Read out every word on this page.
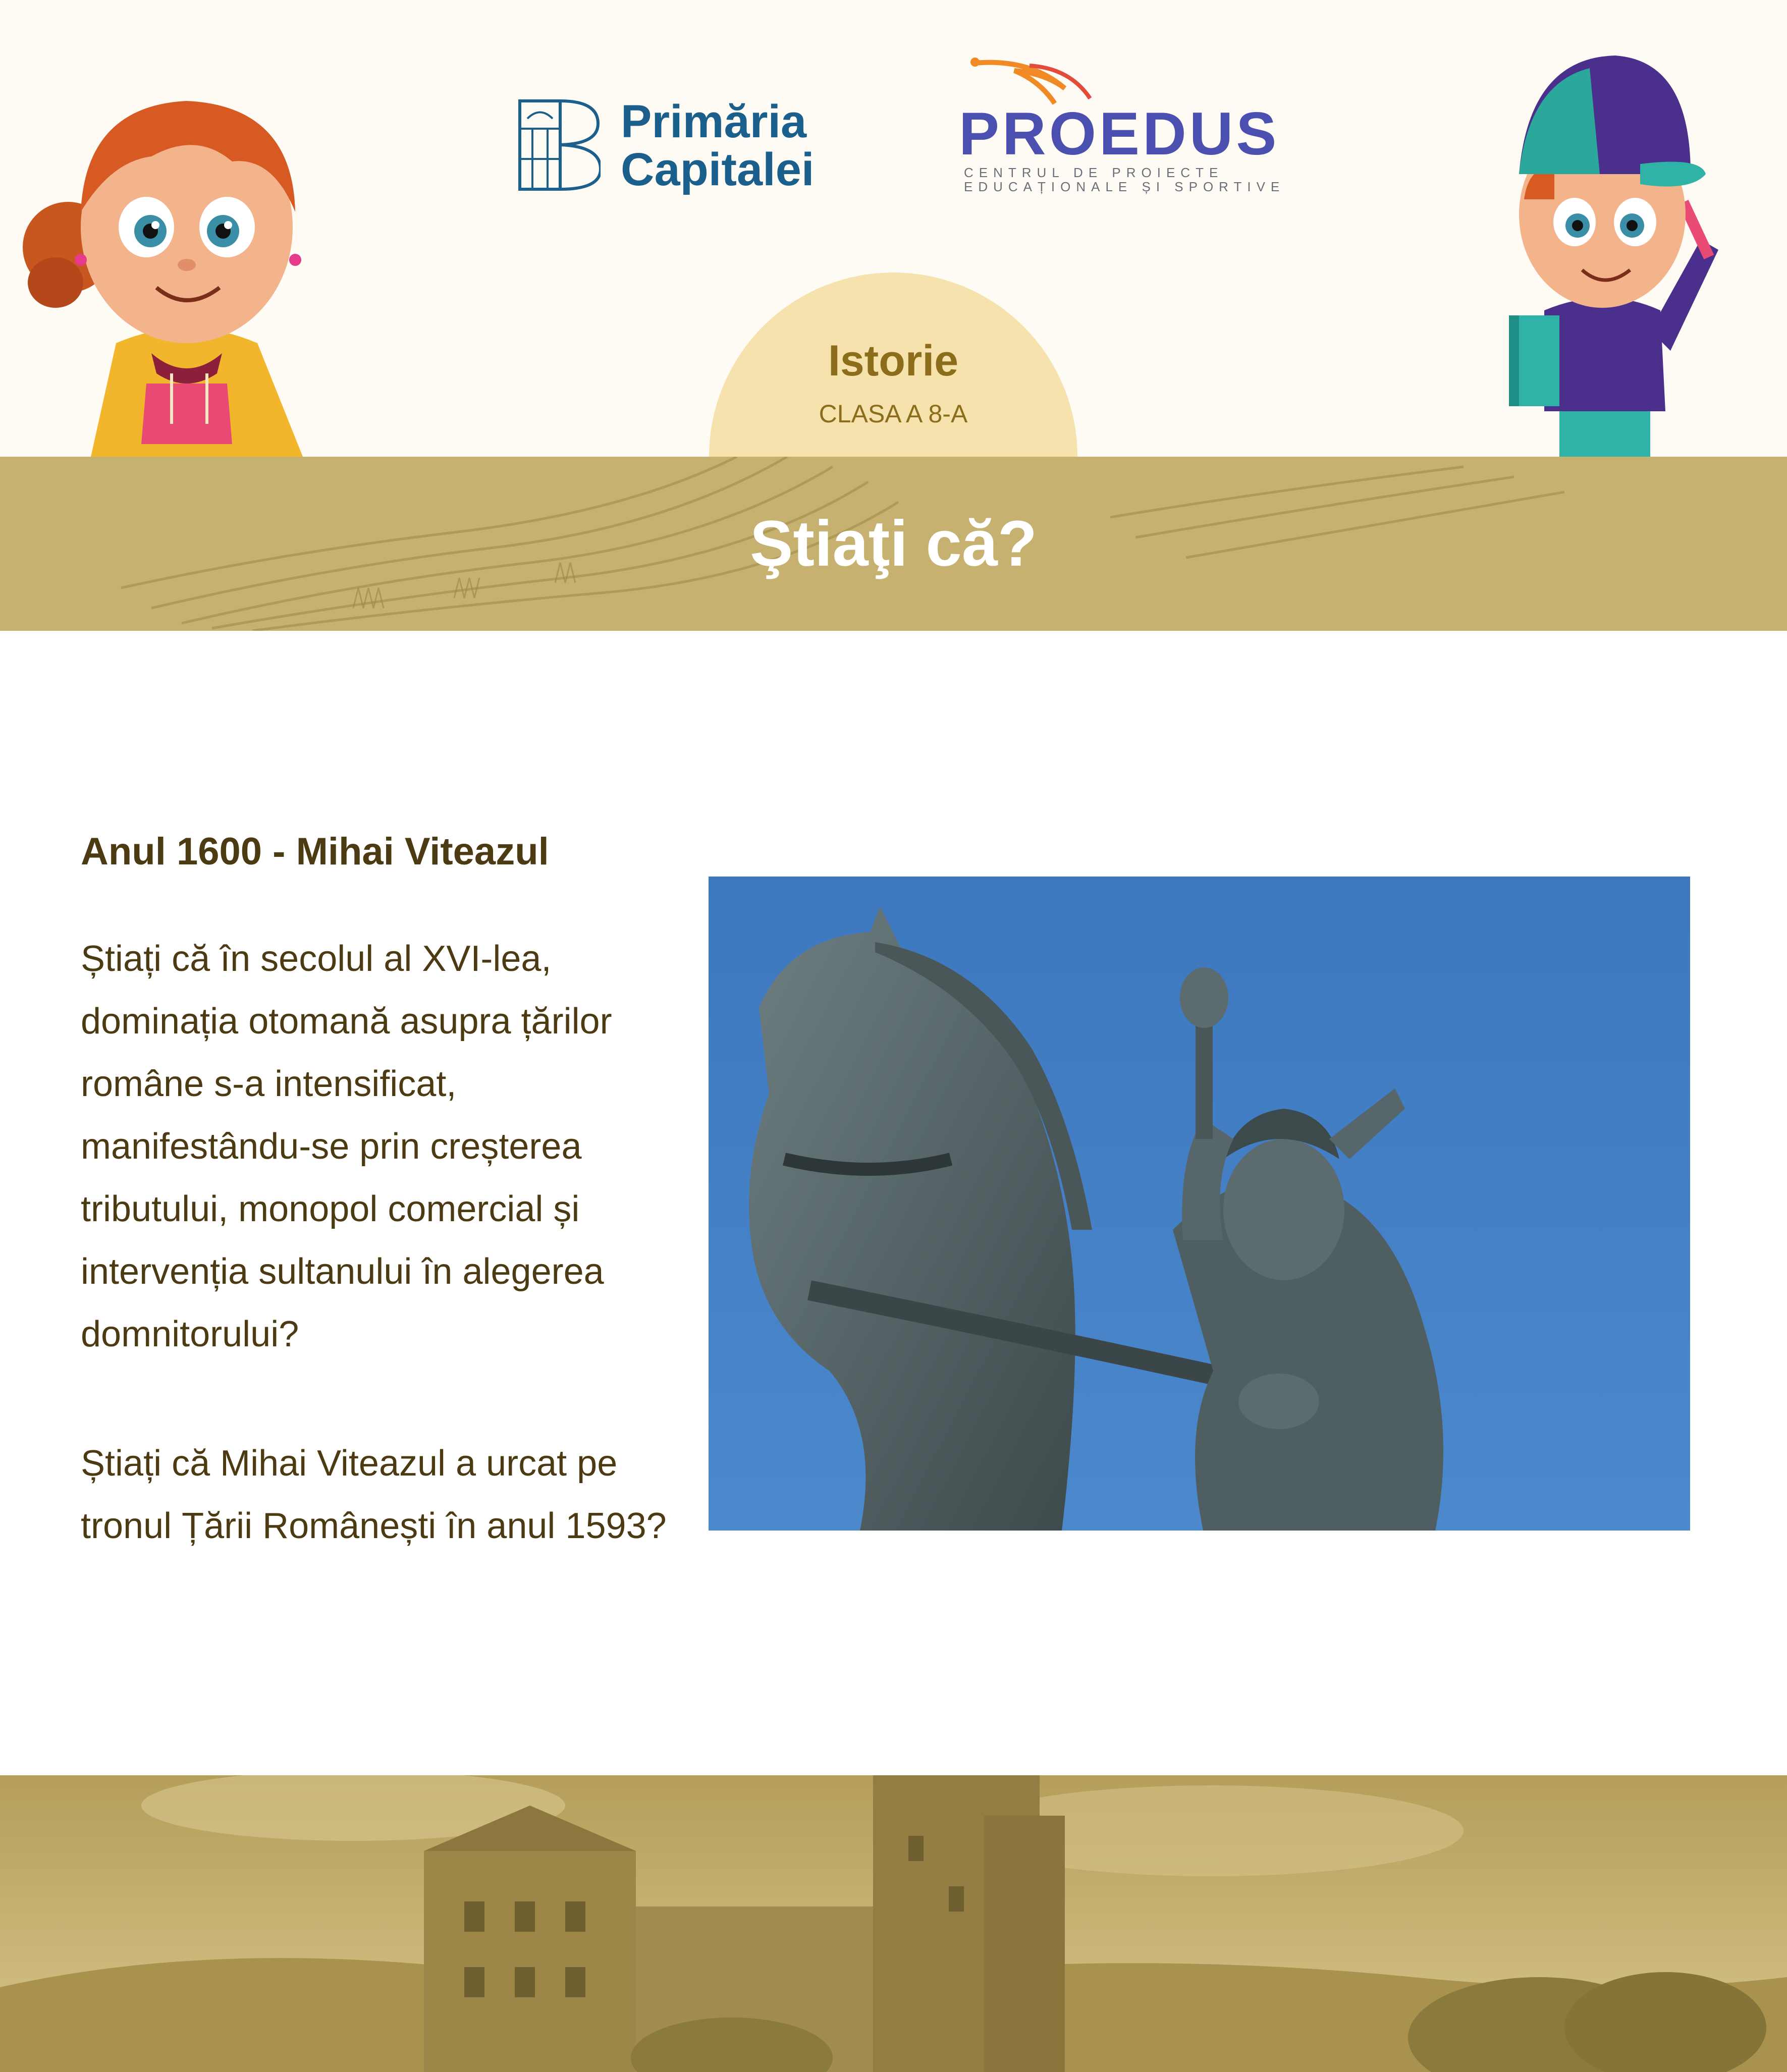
Primăria
Capitalei
PROEDUS
CENTRUL DE PROIECTE
EDUCAȚIONALE ȘI SPORTIVE
Istorie
CLASA A 8-A
Ştiaţi că?
Anul 1600 - Mihai Viteazul
Știați că în secolul al XVI-lea, dominația otomană asupra țărilor române s-a intensificat, manifestându-se prin creșterea tributului, monopol comercial și intervenția sultanului în alegerea domnitorului?
Știați că Mihai Viteazul a urcat pe tronul Țării Românești în anul 1593?
